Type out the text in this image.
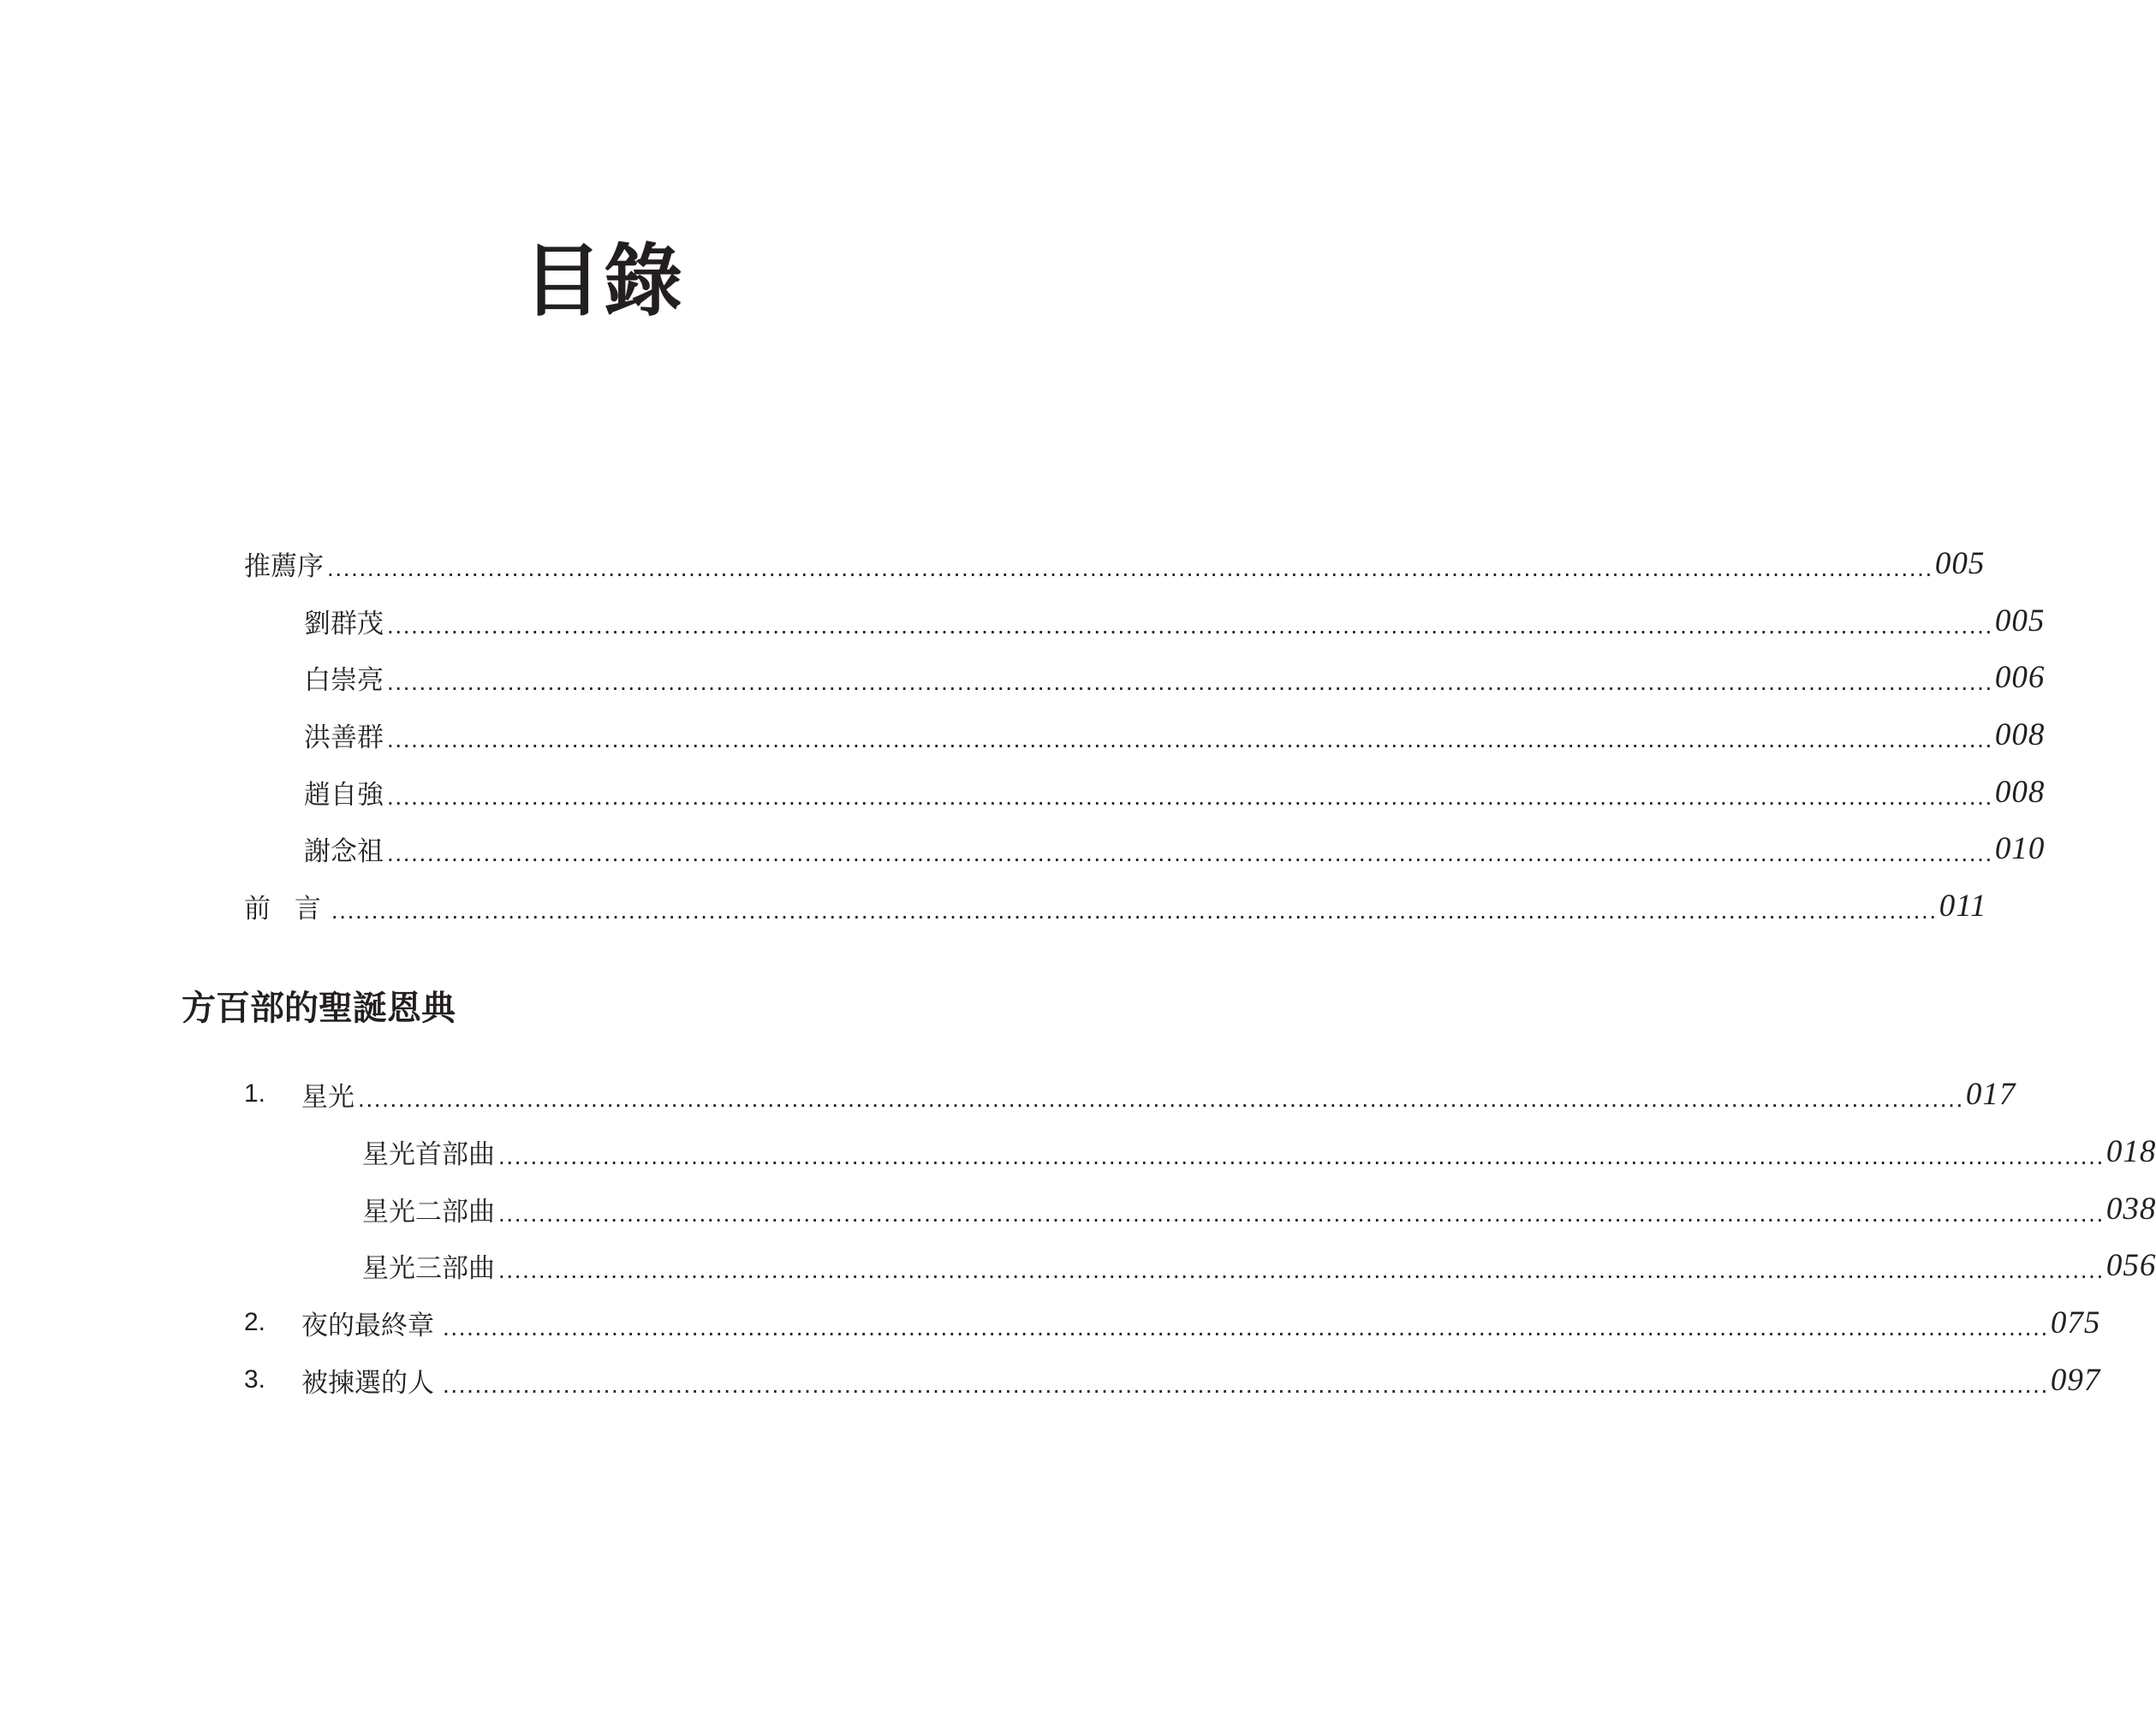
目錄
推薦序 ........................................................................................................................................................................................................ 005
劉群茂 ........................................................................................................................................................................................................ 005
白崇亮 ........................................................................................................................................................................................................ 006
洪善群 ........................................................................................................................................................................................................ 008
趙自強 ........................................................................................................................................................................................................ 008
謝念祖 ........................................................................................................................................................................................................ 010
前 言 ........................................................................................................................................................................................................ 011
方百部的聖誕恩典
1.	星光 ........................................................................................................................................................................................................ 017
星光首部曲 ........................................................................................................................................................................................................ 018
星光二部曲 ........................................................................................................................................................................................................ 038
星光三部曲 ........................................................................................................................................................................................................ 056
2.	夜的最終章 ........................................................................................................................................................................................................ 075
3.	被揀選的人 ........................................................................................................................................................................................................ 097
